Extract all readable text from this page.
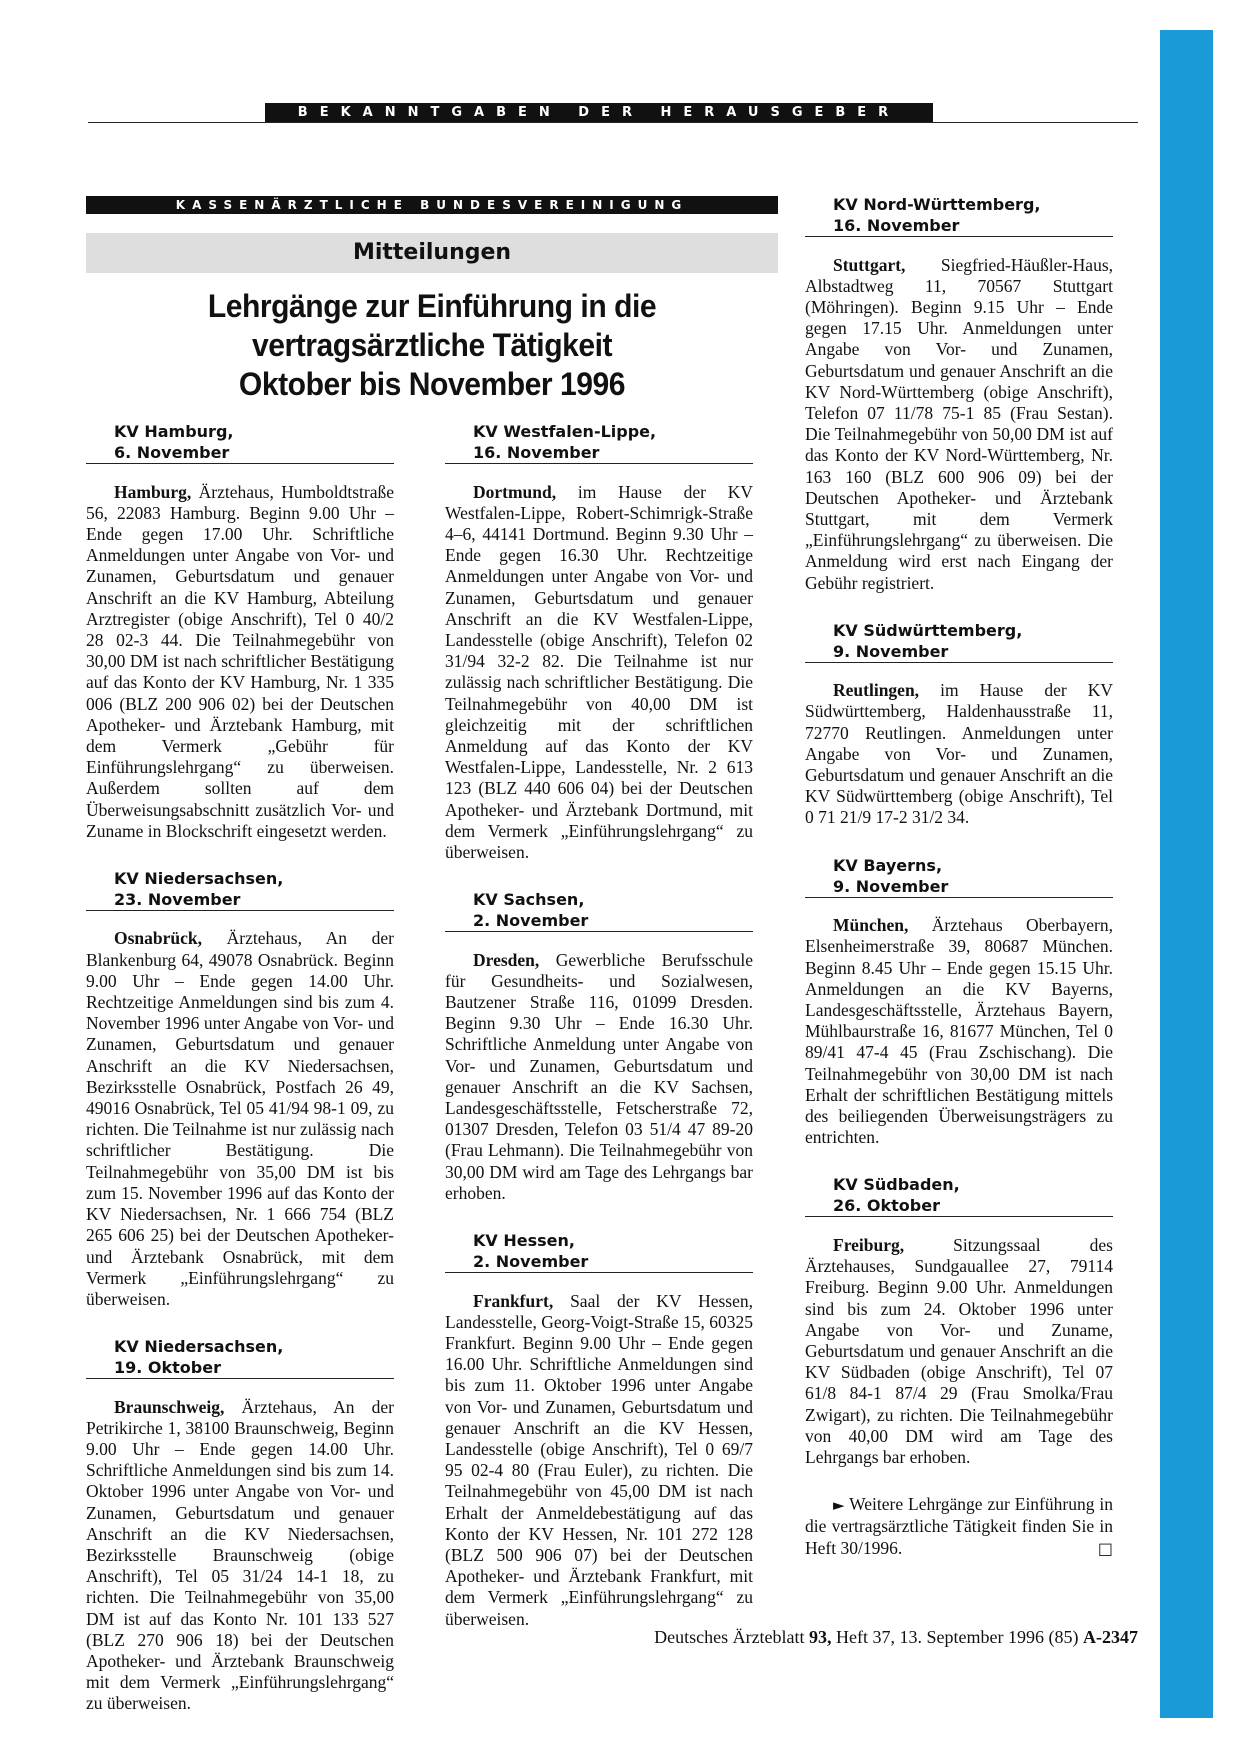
BEKANNTGABEN DER HERAUSGEBER
KASSENÄRZTLICHE BUNDESVEREINIGUNG
Mitteilungen
Lehrgänge zur Einführung in die
vertragsärztliche Tätigkeit
Oktober bis November 1996
KV Hamburg,
6. November

Hamburg, Ärztehaus, Humboldtstraße 56, 22083 Hamburg. Beginn 9.00 Uhr – Ende gegen 17.00 Uhr. Schriftliche Anmeldungen unter Angabe von Vor- und Zunamen, Geburtsdatum und genauer Anschrift an die KV Hamburg, Abteilung Arztregister (obige Anschrift), Tel 0 40/2 28 02-3 44. Die Teilnahmegebühr von 30,00 DM ist nach schriftlicher Bestätigung auf das Konto der KV Hamburg, Nr. 1 335 006 (BLZ 200 906 02) bei der Deutschen Apotheker- und Ärztebank Hamburg, mit dem Vermerk „Gebühr für Einführungslehrgang“ zu überweisen. Außerdem sollten auf dem Überweisungsabschnitt zusätzlich Vor- und Zuname in Blockschrift eingesetzt werden.

KV Niedersachsen,
23. November

Osnabrück, Ärztehaus, An der Blankenburg 64, 49078 Osnabrück. Beginn 9.00 Uhr – Ende gegen 14.00 Uhr. Rechtzeitige Anmeldungen sind bis zum 4. November 1996 unter Angabe von Vor- und Zunamen, Geburtsdatum und genauer Anschrift an die KV Niedersachsen, Bezirksstelle Osnabrück, Postfach 26 49, 49016 Osnabrück, Tel 05 41/94 98-1 09, zu richten. Die Teilnahme ist nur zulässig nach schriftlicher Bestätigung. Die Teilnahmegebühr von 35,00 DM ist bis zum 15. November 1996 auf das Konto der KV Niedersachsen, Nr. 1 666 754 (BLZ 265 606 25) bei der Deutschen Apotheker- und Ärztebank Osnabrück, mit dem Vermerk „Einführungslehrgang“ zu überweisen.

KV Niedersachsen,
19. Oktober

Braunschweig, Ärztehaus, An der Petrikirche 1, 38100 Braunschweig, Beginn 9.00 Uhr – Ende gegen 14.00 Uhr. Schriftliche Anmeldungen sind bis zum 14. Oktober 1996 unter Angabe von Vor- und Zunamen, Geburtsdatum und genauer Anschrift an die KV Niedersachsen, Bezirksstelle Braunschweig (obige Anschrift), Tel 05 31/24 14-1 18, zu richten. Die Teilnahmegebühr von 35,00 DM ist auf das Konto Nr. 101 133 527 (BLZ 270 906 18) bei der Deutschen Apotheker- und Ärztebank Braunschweig mit dem Vermerk „Einführungslehrgang“ zu überweisen.

KV Westfalen-Lippe,
16. November

Dortmund, im Hause der KV Westfalen-Lippe, Robert-Schimrigk-Straße 4–6, 44141 Dortmund. Beginn 9.30 Uhr – Ende gegen 16.30 Uhr. Rechtzeitige Anmeldungen unter Angabe von Vor- und Zunamen, Geburtsdatum und genauer Anschrift an die KV Westfalen-Lippe, Landesstelle (obige Anschrift), Telefon 02 31/94 32-2 82. Die Teilnahme ist nur zulässig nach schriftlicher Bestätigung. Die Teilnahmegebühr von 40,00 DM ist gleichzeitig mit der schriftlichen Anmeldung auf das Konto der KV Westfalen-Lippe, Landesstelle, Nr. 2 613 123 (BLZ 440 606 04) bei der Deutschen Apotheker- und Ärztebank Dortmund, mit dem Vermerk „Einführungslehrgang“ zu überweisen.

KV Sachsen,
2. November

Dresden, Gewerbliche Berufsschule für Gesundheits- und Sozialwesen, Bautzener Straße 116, 01099 Dresden. Beginn 9.30 Uhr – Ende 16.30 Uhr. Schriftliche Anmeldung unter Angabe von Vor- und Zunamen, Geburtsdatum und genauer Anschrift an die KV Sachsen, Landesgeschäftsstelle, Fetscherstraße 72, 01307 Dresden, Telefon 03 51/4 47 89-20 (Frau Lehmann). Die Teilnahmegebühr von 30,00 DM wird am Tage des Lehrgangs bar erhoben.

KV Hessen,
2. November

Frankfurt, Saal der KV Hessen, Landesstelle, Georg-Voigt-Straße 15, 60325 Frankfurt. Beginn 9.00 Uhr – Ende gegen 16.00 Uhr. Schriftliche Anmeldungen sind bis zum 11. Oktober 1996 unter Angabe von Vor- und Zunamen, Geburtsdatum und genauer Anschrift an die KV Hessen, Landesstelle (obige Anschrift), Tel 0 69/7 95 02-4 80 (Frau Euler), zu richten. Die Teilnahmegebühr von 45,00 DM ist nach Erhalt der Anmeldebestätigung auf das Konto der KV Hessen, Nr. 101 272 128 (BLZ 500 906 07) bei der Deutschen Apotheker- und Ärztebank Frankfurt, mit dem Vermerk „Einführungslehrgang“ zu überweisen.

KV Nord-Württemberg,
16. November

Stuttgart, Siegfried-Häußler-Haus, Albstadtweg 11, 70567 Stuttgart (Möhringen). Beginn 9.15 Uhr – Ende gegen 17.15 Uhr. Anmeldungen unter Angabe von Vor- und Zunamen, Geburtsdatum und genauer Anschrift an die KV Nord-Württemberg (obige Anschrift), Telefon 07 11/78 75-1 85 (Frau Sestan). Die Teilnahmegebühr von 50,00 DM ist auf das Konto der KV Nord-Württemberg, Nr. 163 160 (BLZ 600 906 09) bei der Deutschen Apotheker- und Ärztebank Stuttgart, mit dem Vermerk „Einführungslehrgang“ zu überweisen. Die Anmeldung wird erst nach Eingang der Gebühr registriert.

KV Südwürttemberg,
9. November

Reutlingen, im Hause der KV Südwürttemberg, Haldenhausstraße 11, 72770 Reutlingen. Anmeldungen unter Angabe von Vor- und Zunamen, Geburtsdatum und genauer Anschrift an die KV Südwürttemberg (obige Anschrift), Tel 0 71 21/9 17-2 31/2 34.

KV Bayerns,
9. November

München, Ärztehaus Oberbayern, Elsenheimerstraße 39, 80687 München. Beginn 8.45 Uhr – Ende gegen 15.15 Uhr. Anmeldungen an die KV Bayerns, Landesgeschäftsstelle, Ärztehaus Bayern, Mühlbaurstraße 16, 81677 München, Tel 0 89/41 47-4 45 (Frau Zschischang). Die Teilnahmegebühr von 30,00 DM ist nach Erhalt der schriftlichen Bestätigung mittels des beiliegenden Überweisungsträgers zu entrichten.

KV Südbaden,
26. Oktober

Freiburg, Sitzungssaal des Ärztehauses, Sundgauallee 27, 79114 Freiburg. Beginn 9.00 Uhr. Anmeldungen sind bis zum 24. Oktober 1996 unter Angabe von Vor- und Zuname, Geburtsdatum und genauer Anschrift an die KV Südbaden (obige Anschrift), Tel 07 61/8 84-1 87/4 29 (Frau Smolka/Frau Zwigart), zu richten. Die Teilnahmegebühr von 40,00 DM wird am Tage des Lehrgangs bar erhoben.

► Weitere Lehrgänge zur Einführung in die vertragsärztliche Tätigkeit finden Sie in Heft 30/1996.	□

Deutsches Ärzteblatt 93, Heft 37, 13. September 1996 (85) A-2347
